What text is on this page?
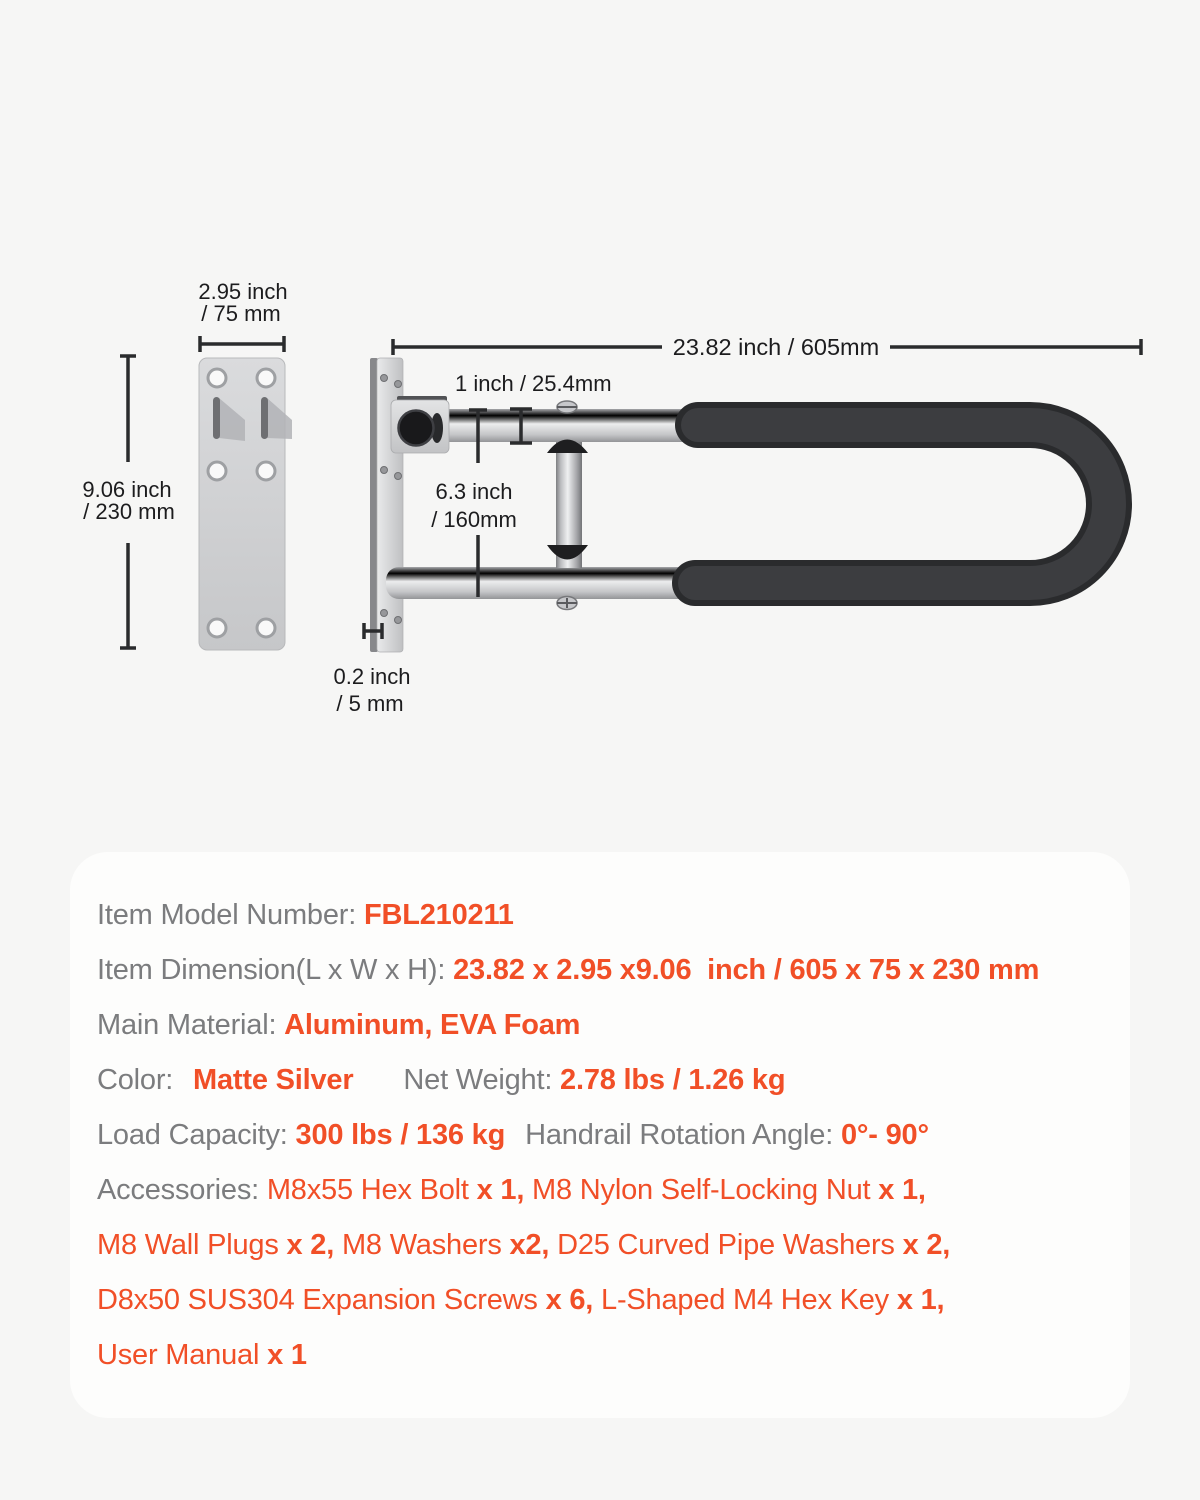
2.95 inch
/ 75 mm
9.06 inch
/ 230 mm
23.82 inch / 605mm
1 inch / 25.4mm
6.3 inch
/ 160mm
0.2 inch
/ 5 mm
Item Model Number: FBL210211
Item Dimension(L x W x H): 23.82 x 2.95 x9.06  inch / 605 x 75 x 230 mm
Main Material: Aluminum, EVA Foam
Color: Matte Silver Net Weight: 2.78 lbs / 1.26 kg
Load Capacity: 300 lbs / 136 kg Handrail Rotation Angle: 0°- 90°
Accessories: M8x55 Hex Bolt x 1, M8 Nylon Self-Locking Nut x 1,
M8 Wall Plugs x 2, M8 Washers x2, D25 Curved Pipe Washers x 2,
D8x50 SUS304 Expansion Screws x 6, L-Shaped M4 Hex Key x 1,
User Manual x 1
